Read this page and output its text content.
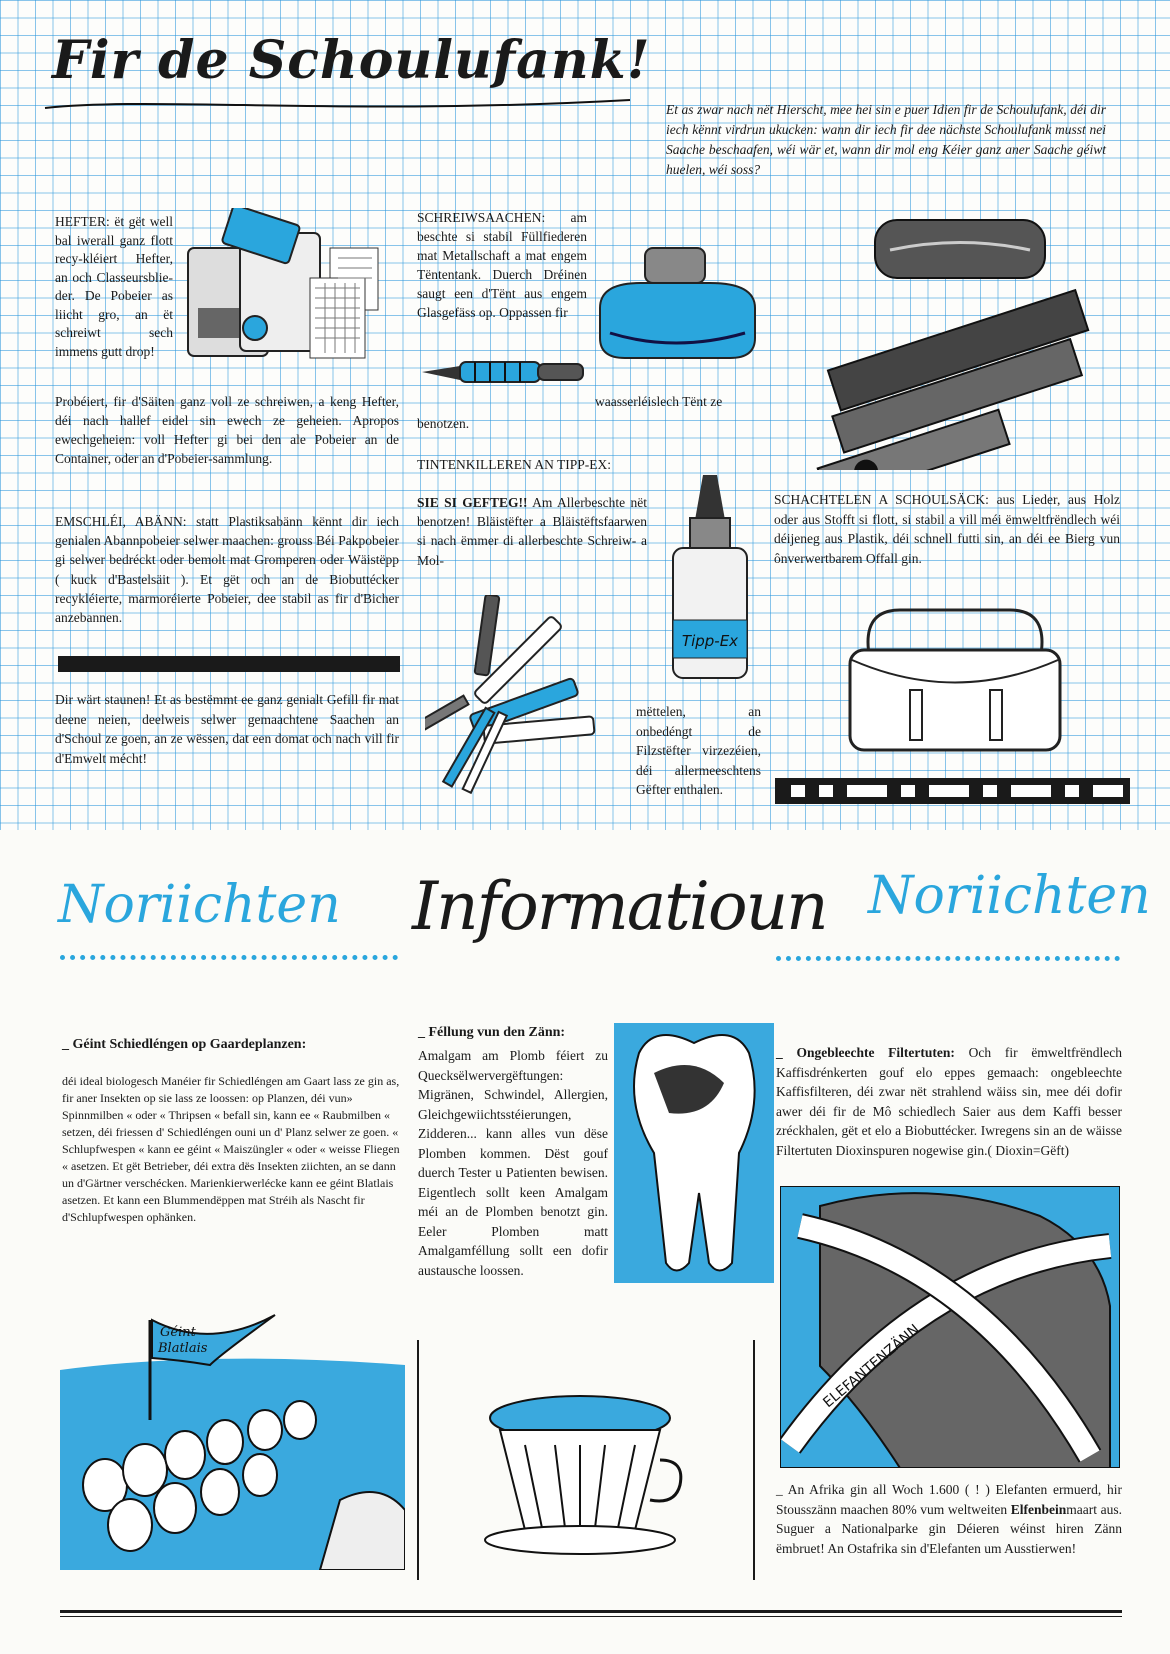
Fir de Schoulufank!
Et as zwar nach nët Hierscht, mee hei sin e puer Idien fir de Schoulufank, déi dir iech kënnt virdrun ukucken: wann dir iech fir dee nächste Schoulufank musst nei Saache beschaafen, wéi wär et, wann dir mol eng Kéier ganz aner Saache géiwt huelen, wéi soss?
HEFTER: ët gët well bal iwerall ganz flott recy-kléiert Hefter, an och Classeursblie-der. De Pobeier as liicht gro, an ët schreiwt sech immens gutt drop!
Probéiert, fir d'Säiten ganz voll ze schreiwen, a keng Hefter, déi nach hallef eidel sin ewech ze geheien. Apropos ewechgeheien: voll Hefter gi bei den ale Pobeier an de Container, oder an d'Pobeier-sammlung.
EMSCHLÉI, ABÄNN: statt Plastiksabänn kënnt dir iech genialen Abannpobeier selwer maachen: grouss Béi Pakpobeier gi selwer bedréckt oder bemolt mat Gromperen oder Wäistëpp ( kuck d'Bastelsäit ). Et gët och an de Biobuttécker recykléierte, marmoréierte Pobeier, dee stabil as fir d'Bicher anzebannen.
Dir wärt staunen! Et as bestëmmt ee ganz genialt Gefill fir mat deene neien, deelweis selwer gemaachtene Saachen an d'Schoul ze goen, an ze wëssen, dat een domat och nach vill fir d'Emwelt mécht!
SCHREIWSAACHEN: am beschte si stabil Füllfiederen mat Metallschaft a mat engem Tëntentank. Duerch Dréinen saugt een d'Tënt aus engem Glasgefäss op. Oppassen fir
waasserléislech Tënt ze
benotzen.
TINTENKILLEREN AN TIPP-EX:
SIE SI GEFTEG!! Am Allerbeschte nët benotzen! Bläistëfter a Bläistëftsfaarwen si nach ëmmer di allerbeschte Schreiw- a Mol-
Tipp-Ex
mëttelen, an onbedéngt de Filzstëfter virzezéien, déi allermeeschtens Gëfter enthalen.
SCHACHTELEN A SCHOULSÄCK: aus Lieder, aus Holz oder aus Stofft si flott, si stabil a vill méi ëmweltfrëndlech wéi déijeneg aus Plastik, déi schnell futti sin, an déi ee Bierg vun ônverwertbarem Offall gin.
Noriichten Informatioun Noriichten
_ Géint Schiedléngen op Gaardeplanzen:
déi ideal biologesch Manéier fir Schiedléngen am Gaart lass ze gin as, fir aner Insekten op sie lass ze loossen: op Planzen, déi vun» Spinnmilben « oder « Thripsen « befall sin, kann ee « Raubmilben « setzen, déi friessen d' Schiedléngen ouni un d' Planz selwer ze goen. « Schlupfwespen « kann ee géint « Maiszüngler « oder « weisse Fliegen « asetzen. Et gët Betrieber, déi extra dës Insekten ziichten, an se dann un d'Gärtner verschécken. Marienkierwerlécke kann ee géint Blatlais asetzen. Et kann een Blummendëppen mat Stréih als Nascht fir d'Schlupfwespen ophänken.
Géint
Blatlais
_ Féllung vun den Zänn:
Amalgam am Plomb féiert zu Quecksëlwervergëftungen: Migränen, Schwindel, Allergien, Gleichgewiichtsstéierungen, Zidderen... kann alles vun dëse Plomben kommen. Dëst gouf duerch Tester u Patienten bewisen. Eigentlech sollt keen Amalgam méi an de Plomben benotzt gin. Eeler Plomben matt Amalgamféllung sollt een dofir austausche loossen.
_ Ongebleechte Filtertuten: Och fir ëmweltfrëndlech Kaffisdrénkerten gouf elo eppes gemaach: ongebleechte Kaffisfilteren, déi zwar nët strahlend wäiss sin, mee déi dofir awer déi fir de Mô schiedlech Saier aus dem Kaffi besser zréckhalen, gët et elo a Biobuttécker. Iwregens sin an de wäisse Filtertuten Dioxinspuren nogewise gin.( Dioxin=Gëft)
ELEFANTENZÄNN
_ An Afrika gin all Woch 1.600 ( ! ) Elefanten ermuerd, hir Stousszänn maachen 80% vum weltweiten Elfenbeinmaart aus. Suguer a Nationalparke gin Déieren wéinst hiren Zänn ëmbruet! An Ostafrika sin d'Elefanten um Ausstierwen!
